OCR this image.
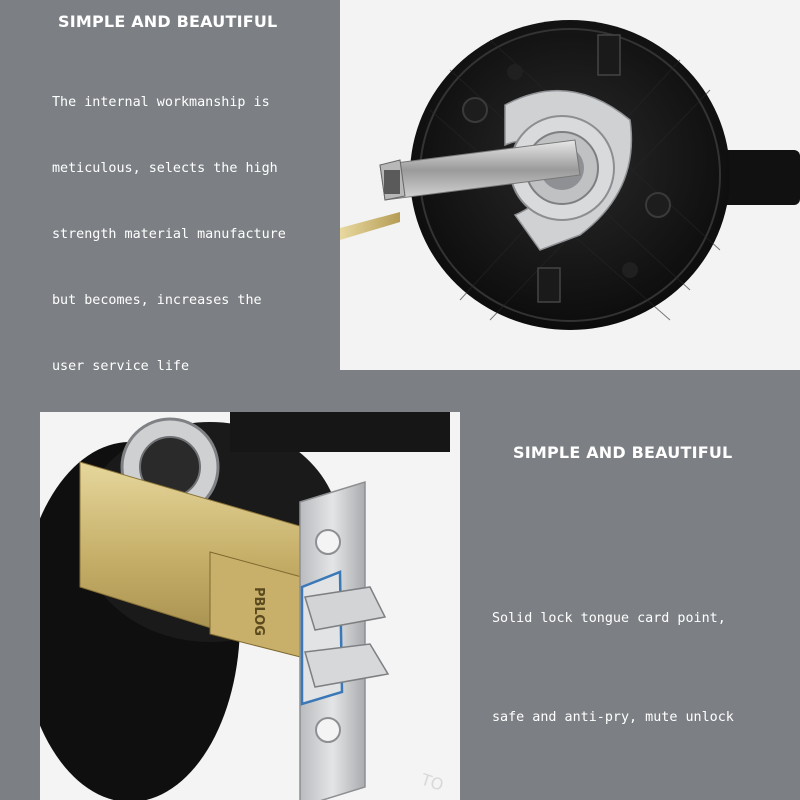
SIMPLE AND BEAUTIFUL
The internal workmanship is
meticulous, selects the high
strength material manufacture
but becomes, increases the
user service life
PBLOG
TO
SIMPLE AND BEAUTIFUL
Solid lock tongue card point,
safe and anti-pry, mute unlock
